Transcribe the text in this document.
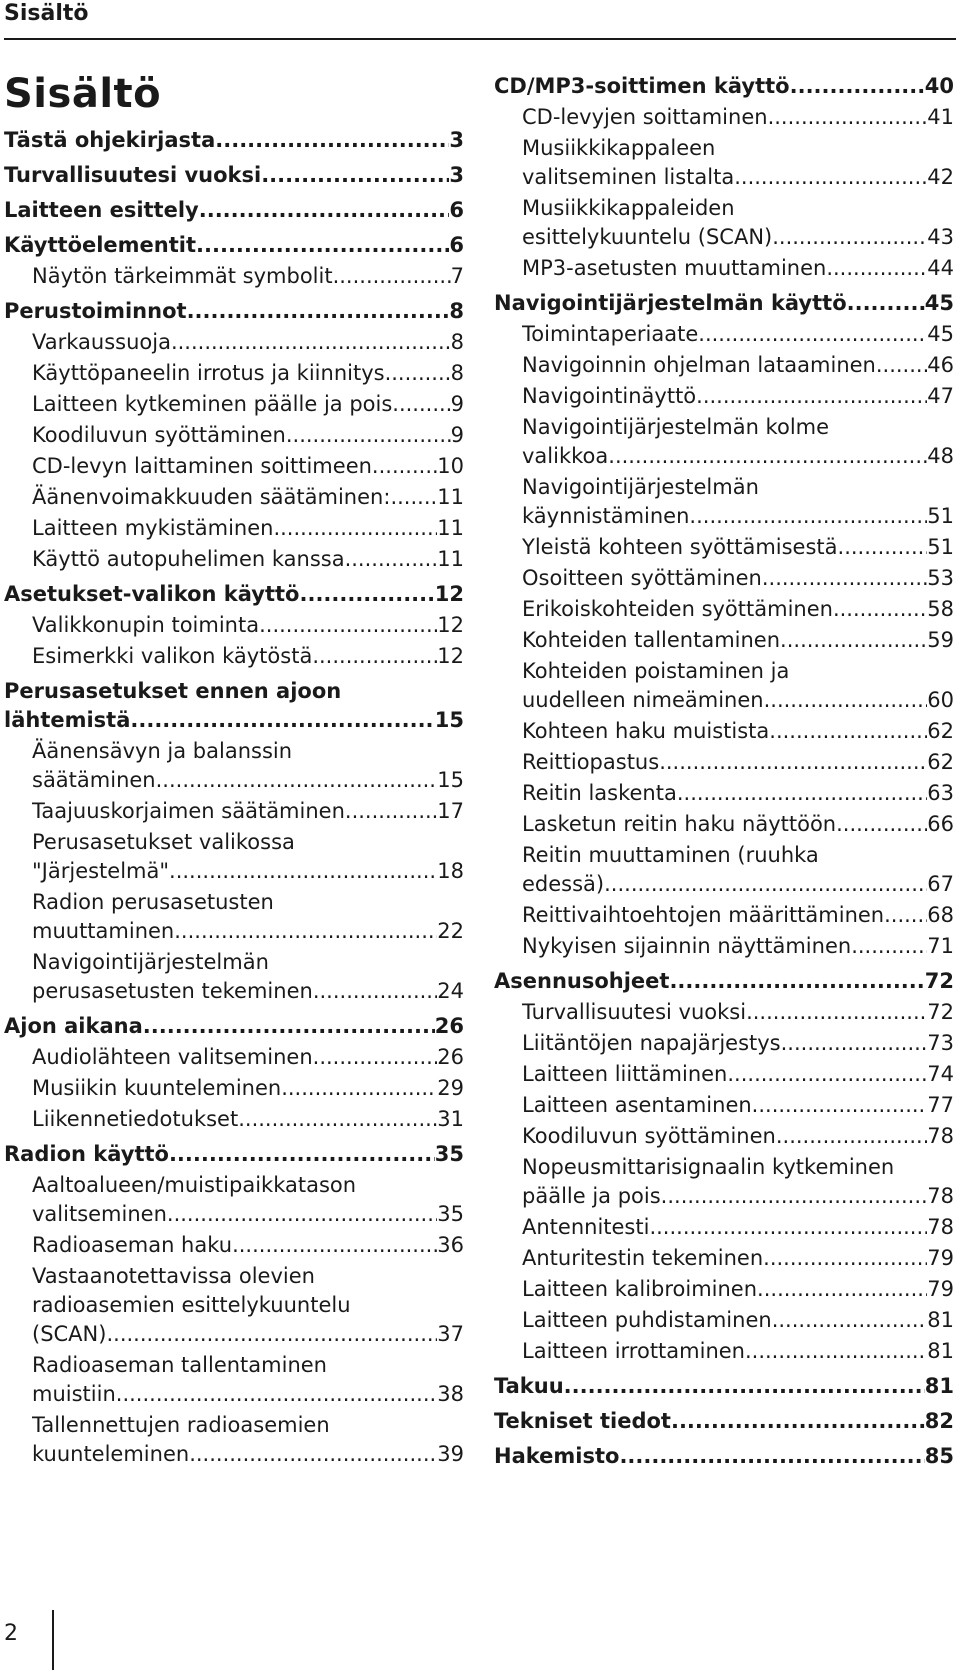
Sisältö
Sisältö
Tästä ohjekirjasta .....	3
Turvallisuutesi vuoksi .....	3
Laitteen esittely .....	6
Käyttöelementit .....	6
Näytön tärkeimmät symbolit .....	7
Perustoiminnot .....	8
Varkaussuoja .....	8
Käyttöpaneelin irrotus ja kiinnitys .....	8
Laitteen kytkeminen päälle ja pois .....	9
Koodiluvun syöttäminen .....	9
CD-levyn laittaminen soittimeen .....	10
Äänenvoimakkuuden säätäminen: ..... 11
Laitteen mykistäminen .....	11
Käyttö autopuhelimen kanssa .....	11
Asetukset-valikon käyttö .....	12
Valikkonupin toiminta .....	12
Esimerkki valikon käytöstä .....	12
Perusasetukset ennen ajoon
lähtemistä .....	15
Äänensävyn ja balanssin
säätäminen .....	15
Taajuuskorjaimen säätäminen .....	17
Perusasetukset valikossa
"Järjestelmä" .....	18
Radion perusasetusten
muuttaminen .....	22
Navigointijärjestelmän
perusasetusten tekeminen .....	24
Ajon aikana .....	26
Audiolähteen valitseminen .....	26
Musiikin kuunteleminen .....	29
Liikennetiedotukset .....	31
Radion käyttö .....	35
Aaltoalueen/muistipaikkatason
valitseminen .....	35
Radioaseman haku .....	36
Vastaanotettavissa olevien
radioasemien esittelykuuntelu
(SCAN) .....	37
Radioaseman tallentaminen
muistiin .....	38
Tallennettujen radioasemien
kuunteleminen .....	39
CD/MP3-soittimen käyttö .....	40
CD-levyjen soittaminen .....	41
Musiikkikappaleen
valitseminen listalta .....	42
Musiikkikappaleiden
esittelykuuntelu (SCAN) .....	43
MP3-asetusten muuttaminen .....	44
Navigointijärjestelmän käyttö .....	45
Toimintaperiaate .....	45
Navigoinnin ohjelman lataaminen ..... 46
Navigointinäyttö .....	47
Navigointijärjestelmän kolme
valikkoa .....	48
Navigointijärjestelmän
käynnistäminen .....	51
Yleistä kohteen syöttämisestä .....	51
Osoitteen syöttäminen .....	53
Erikoiskohteiden syöttäminen .....	58
Kohteiden tallentaminen .....	59
Kohteiden poistaminen ja
uudelleen nimeäminen .....	60
Kohteen haku muistista .....	62
Reittiopastus .....	62
Reitin laskenta .....	63
Lasketun reitin haku näyttöön .....	66
Reitin muuttaminen (ruuhka
edessä) .....	67
Reittivaihtoehtojen määrittäminen ..... 68
Nykyisen sijainnin näyttäminen .....	71
Asennusohjeet .....	72
Turvallisuutesi vuoksi .....	72
Liitäntöjen napajärjestys .....	73
Laitteen liittäminen .....	74
Laitteen asentaminen .....	77
Koodiluvun syöttäminen .....	78
Nopeusmittarisignaalin kytkeminen
päälle ja pois .....	78
Antennitesti .....	78
Anturitestin tekeminen .....	79
Laitteen kalibroiminen .....	79
Laitteen puhdistaminen .....	81
Laitteen irrottaminen .....	81
Takuu .....	81
Tekniset tiedot .....	82
Hakemisto .....	85
2
